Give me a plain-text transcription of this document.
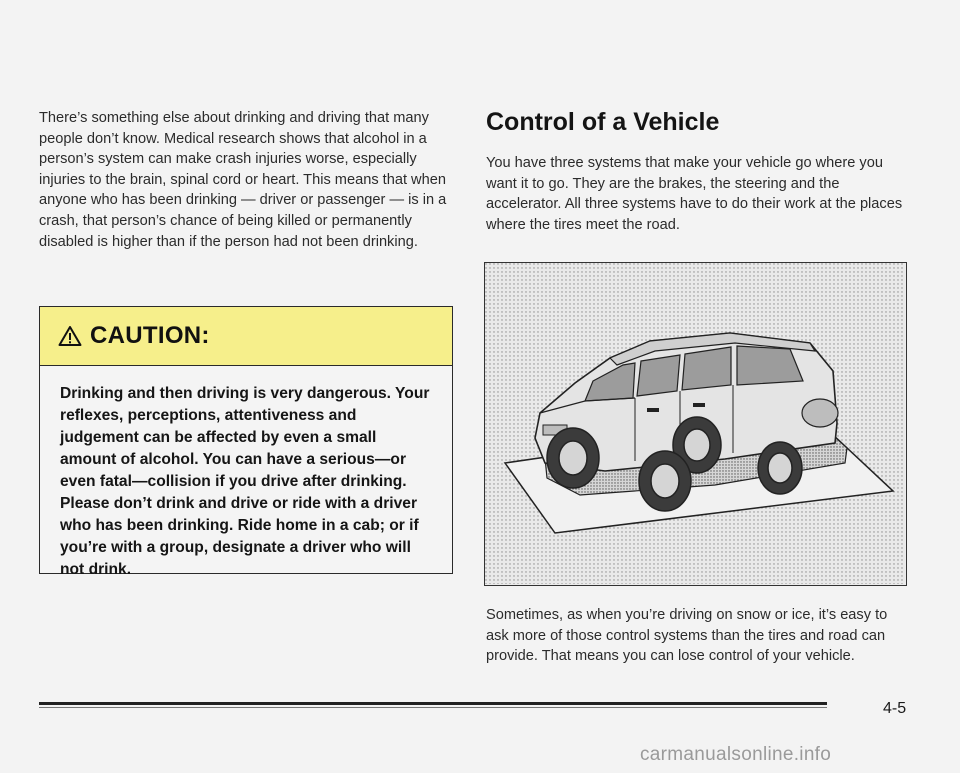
There’s something else about drinking and driving that many people don’t know. Medical research shows that alcohol in a person’s system can make crash injuries worse, especially injuries to the brain, spinal cord or heart. This means that when anyone who has been drinking — driver or passenger — is in a crash, that person’s chance of being killed or permanently disabled is higher than if the person had not been drinking.

CAUTION:
Drinking and then driving is very dangerous. Your reflexes, perceptions, attentiveness and judgement can be affected by even a small amount of alcohol. You can have a serious—or even fatal—collision if you drive after drinking. Please don’t drink and drive or ride with a driver who has been drinking. Ride home in a cab; or if you’re with a group, designate a driver who will not drink.
Control of a Vehicle

You have three systems that make your vehicle go where you want it to go. They are the brakes, the steering and the accelerator. All three systems have to do their work at the places where the tires meet the road.

Sometimes, as when you’re driving on snow or ice, it’s easy to ask more of those control systems than the tires and road can provide. That means you can lose control of your vehicle.

4-5
carmanualsonline.info
